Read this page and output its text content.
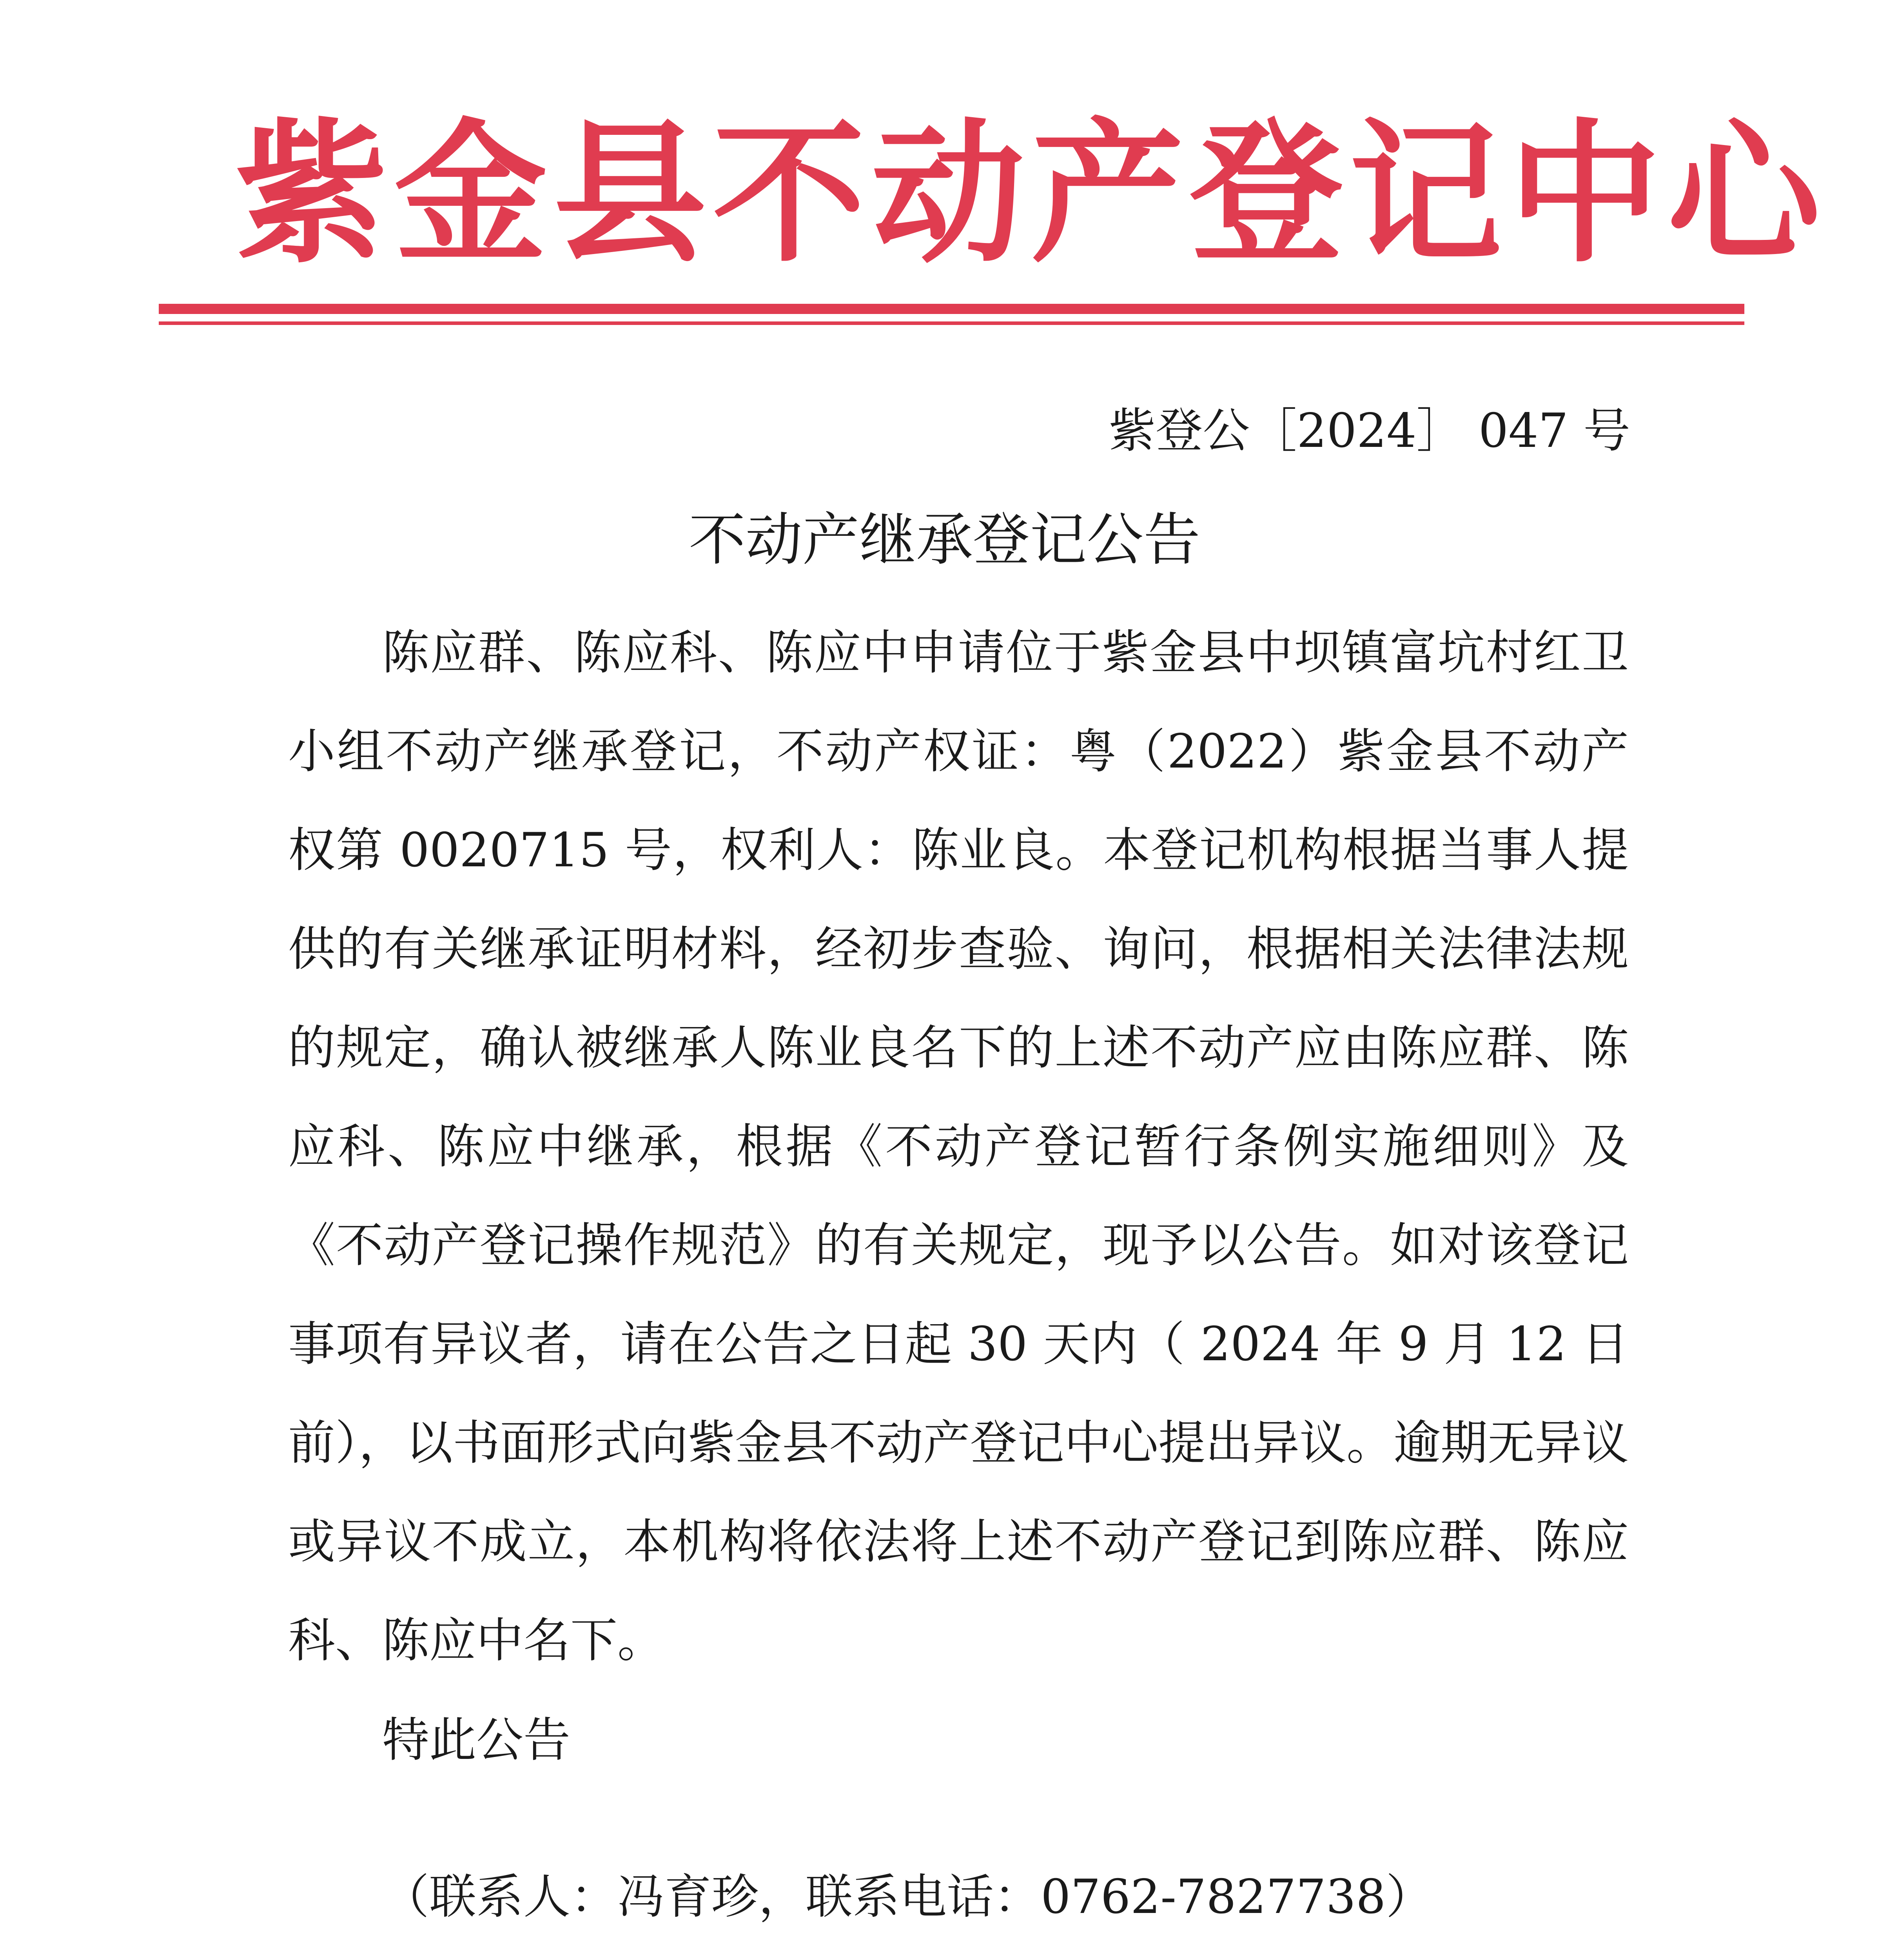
紫金县不动产登记中心
紫登公［2024］ 047 号
不动产继承登记公告

陈应群、陈应科、陈应中申请位于紫金县中坝镇富坑村红卫小组不动产继承登记，不动产权证：粤（2022）紫金县不动产权第 0020715 号，权利人：陈业良。本登记机构根据当事人提供的有关继承证明材料，经初步查验、询问，根据相关法律法规的规定，确认被继承人陈业良名下的上述不动产应由陈应群、陈应科、陈应中继承，根据《不动产登记暂行条例实施细则》及《不动产登记操作规范》的有关规定，现予以公告。如对该登记事项有异议者，请在公告之日起 30 天内（ 2024 年 9 月 12 日前），以书面形式向紫金县不动产登记中心提出异议。逾期无异议或异议不成立，本机构将依法将上述不动产登记到陈应群、陈应科、陈应中名下。

特此公告
（联系人：冯育珍，联系电话：0762-7827738）
